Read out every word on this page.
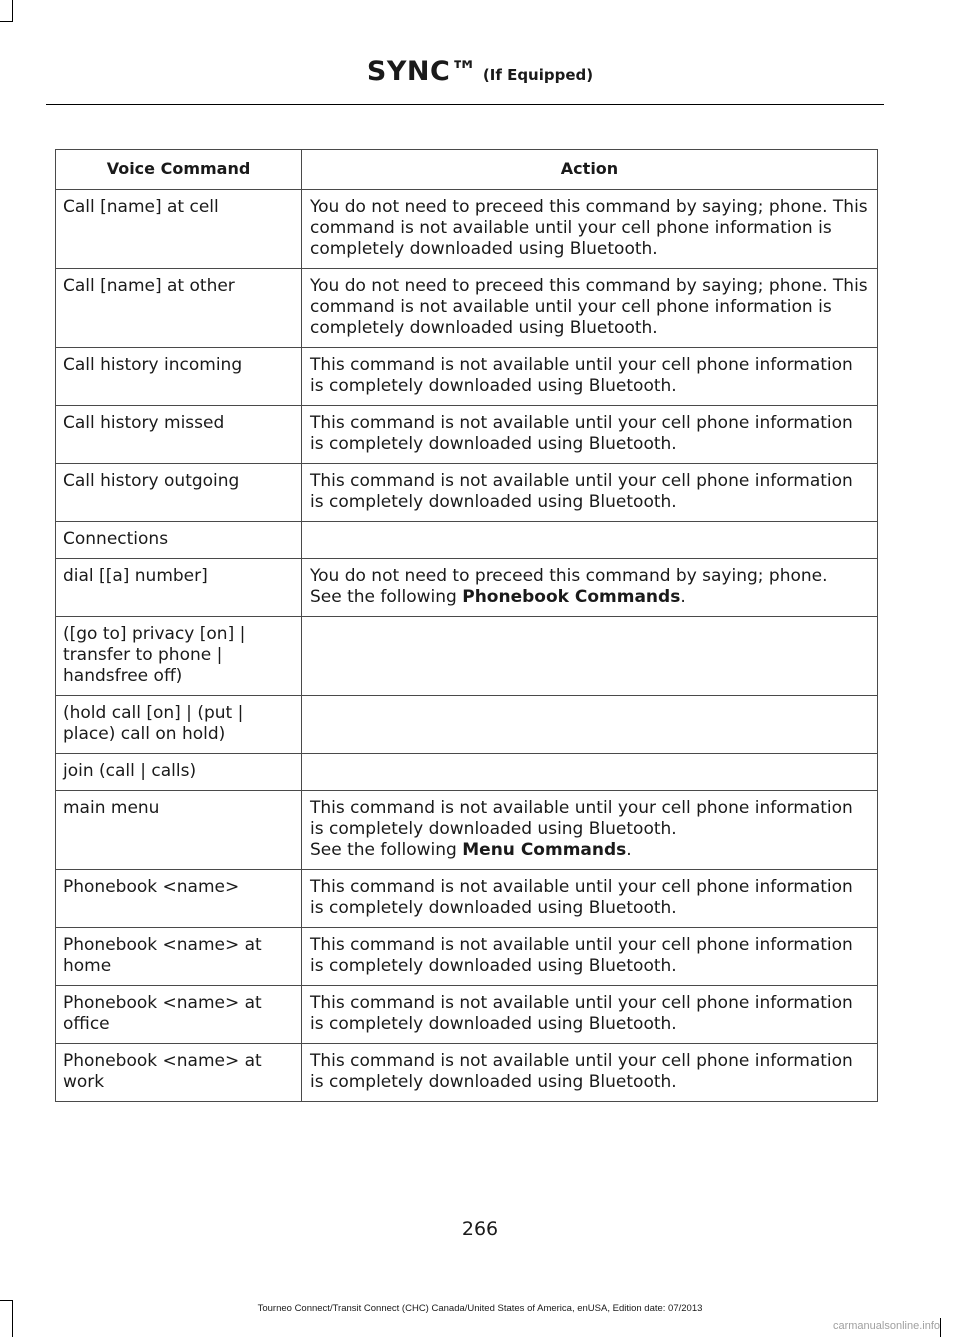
SYNC™ (If Equipped)
Voice Command	Action
Call [name] at cell	You do not need to preceed this command by saying; phone. This command is not available until your cell phone information is completely downloaded using Bluetooth.
Call [name] at other	You do not need to preceed this command by saying; phone. This command is not available until your cell phone information is completely downloaded using Bluetooth.
Call history incoming	This command is not available until your cell phone information is completely downloaded using Bluetooth.
Call history missed	This command is not available until your cell phone information is completely downloaded using Bluetooth.
Call history outgoing	This command is not available until your cell phone information is completely downloaded using Bluetooth.
Connections	
dial [[a] number]	You do not need to preceed this command by saying; phone.
See the following Phonebook Commands.
([go to] privacy [on] | transfer to phone | handsfree off)	
(hold call [on] | (put | place) call on hold)	
join (call | calls)	
main menu	This command is not available until your cell phone information is completely downloaded using Bluetooth.
See the following Menu Commands.
Phonebook <name>	This command is not available until your cell phone information is completely downloaded using Bluetooth.
Phonebook <name> at home	This command is not available until your cell phone information is completely downloaded using Bluetooth.
Phonebook <name> at office	This command is not available until your cell phone information is completely downloaded using Bluetooth.
Phonebook <name> at work	This command is not available until your cell phone information is completely downloaded using Bluetooth.
266
Tourneo Connect/Transit Connect (CHC) Canada/United States of America, enUSA, Edition date: 07/2013
carmanualsonline.info
